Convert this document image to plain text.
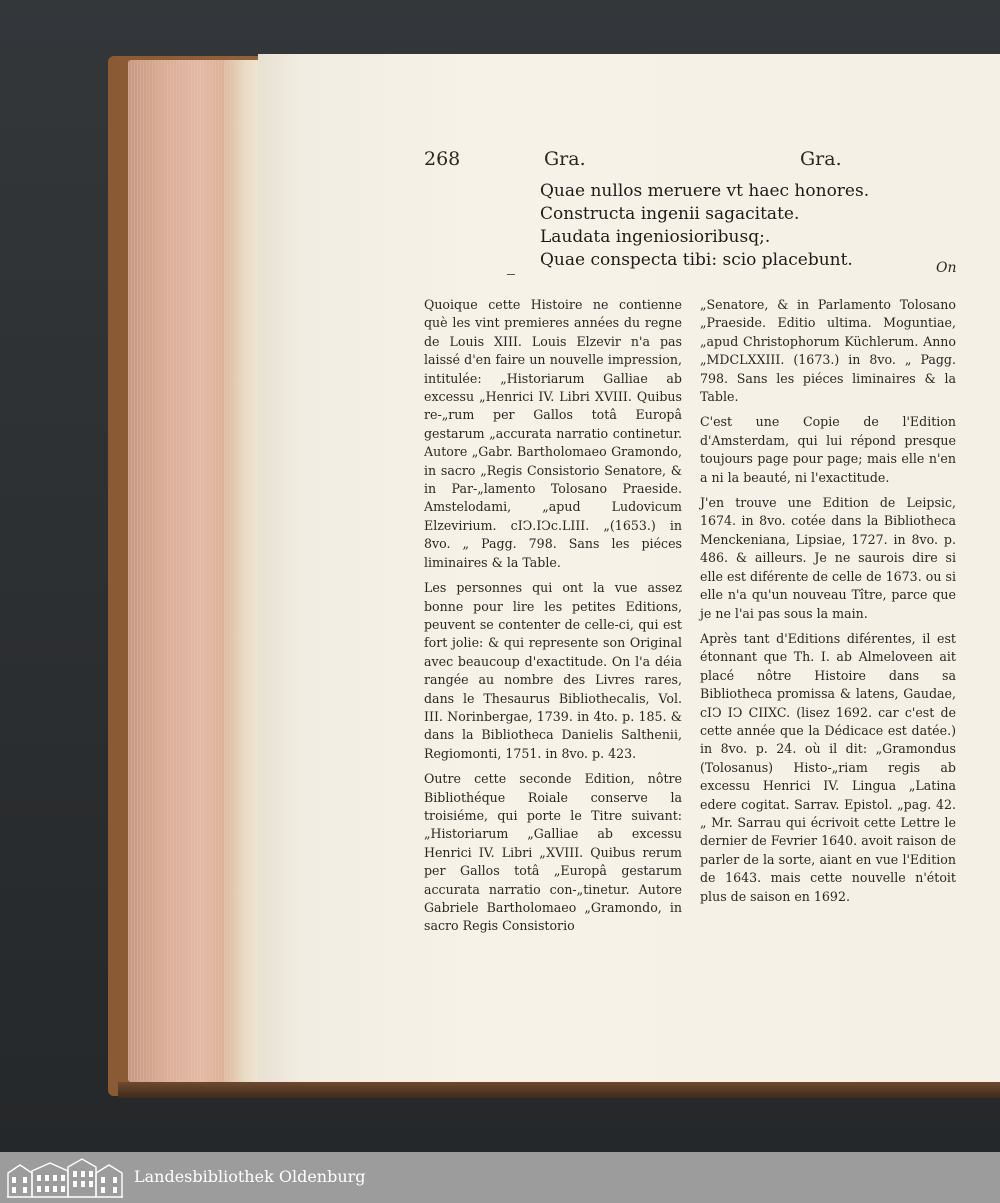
268	Gra.	Gra.
Quae nullos meruere vt haec honores.
Constructa ingenii sagacitate.
Laudata ingeniosioribusq;.
Quae conspecta tibi: scio placebunt.	On

Quoique cette Histoire ne contienne què les vint premieres années du regne de Louis XIII. Louis Elzevir n'a pas laissé d'en faire un nouvelle impression, intitulée: „Historiarum Galliae ab excessu „Henrici IV. Libri XVIII. Quibus re-„rum per Gallos totâ Europâ gestarum „accurata narratio continetur. Autore „Gabr. Bartholomaeo Gramondo, in sacro „Regis Consistorio Senatore, & in Par-„lamento Tolosano Praeside. Amstelodami, „apud Ludovicum Elzevirium. cIↃ.IↃc.LIII. „(1653.) in 8vo. „ Pagg. 798. Sans les piéces liminaires & la Table.

Les personnes qui ont la vue assez bonne pour lire les petites Editions, peuvent se contenter de celle-ci, qui est fort jolie: & qui represente son Original avec beaucoup d'exactitude. On l'a déia rangée au nombre des Livres rares, dans le Thesaurus Bibliothecalis, Vol. III. Norinbergae, 1739. in 4to. p. 185. & dans la Bibliotheca Danielis Salthenii, Regiomonti, 1751. in 8vo. p. 423.

Outre cette seconde Edition, nôtre Bibliothéque Roiale conserve la troisiéme, qui porte le Titre suivant: „Historiarum „Galliae ab excessu Henrici IV. Libri „XVIII. Quibus rerum per Gallos totâ „Europâ gestarum accurata narratio con-„tinetur. Autore Gabriele Bartholomaeo „Gramondo, in sacro Regis Consistorio

„Senatore, & in Parlamento Tolosano „Praeside. Editio ultima. Moguntiae, „apud Christophorum Küchlerum. Anno „MDCLXXIII. (1673.) in 8vo. „ Pagg. 798. Sans les piéces liminaires & la Table.

C'est une Copie de l'Edition d'Amsterdam, qui lui répond presque toujours page pour page; mais elle n'en a ni la beauté, ni l'exactitude.

J'en trouve une Edition de Leipsic, 1674. in 8vo. cotée dans la Bibliotheca Menckeniana, Lipsiae, 1727. in 8vo. p. 486. & ailleurs. Je ne saurois dire si elle est diférente de celle de 1673. ou si elle n'a qu'un nouveau Tître, parce que je ne l'ai pas sous la main.

Après tant d'Editions diférentes, il est étonnant que Th. I. ab Almeloveen ait placé nôtre Histoire dans sa Bibliotheca promissa & latens, Gaudae, cIↃ IↃ CIIXC. (lisez 1692. car c'est de cette année que la Dédicace est datée.) in 8vo. p. 24. où il dit: „Gramondus (Tolosanus) Histo-„riam regis ab excessu Henrici IV. Lingua „Latina edere cogitat. Sarrav. Epistol. „pag. 42. „ Mr. Sarrau qui écrivoit cette Lettre le dernier de Fevrier 1640. avoit raison de parler de la sorte, aiant en vue l'Edition de 1643. mais cette nouvelle n'étoit plus de saison en 1692.

Landesbibliothek Oldenburg
